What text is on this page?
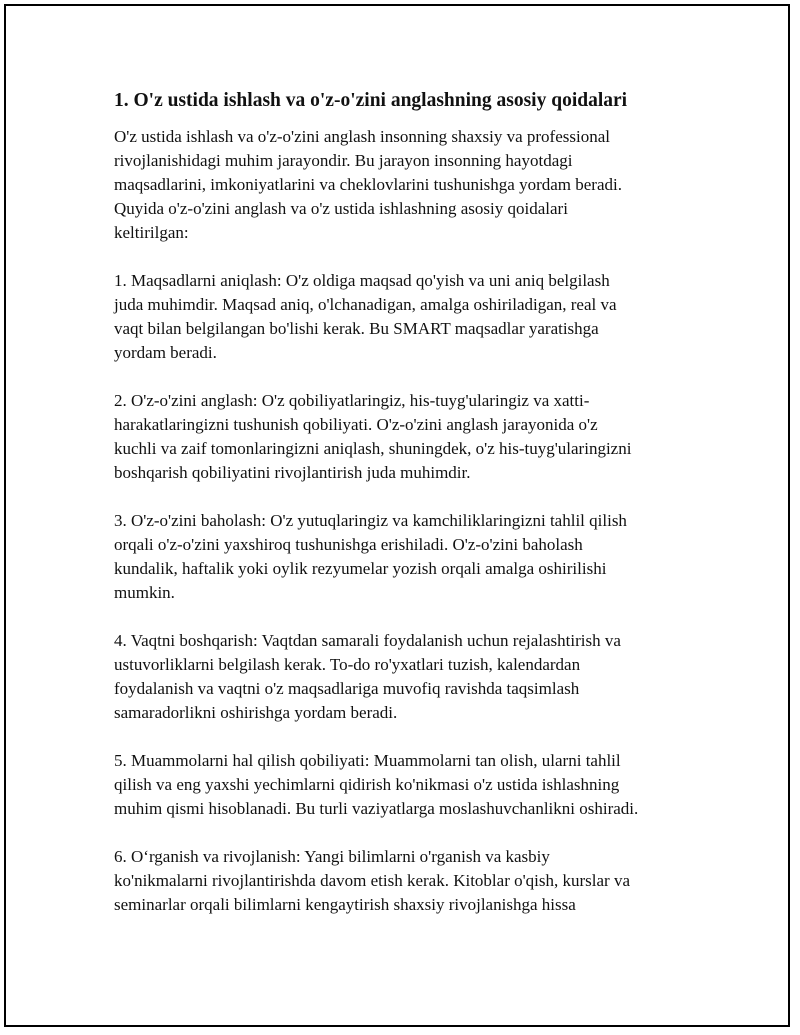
1. O'z ustida ishlash va o'z-o'zini anglashning asosiy qoidalari

O'z ustida ishlash va o'z-o'zini anglash insonning shaxsiy va professional
rivojlanishidagi muhim jarayondir. Bu jarayon insonning hayotdagi
maqsadlarini, imkoniyatlarini va cheklovlarini tushunishga yordam beradi.
Quyida o'z-o'zini anglash va o'z ustida ishlashning asosiy qoidalari
keltirilgan:

1. Maqsadlarni aniqlash: O'z oldiga maqsad qo'yish va uni aniq belgilash
juda muhimdir. Maqsad aniq, o'lchanadigan, amalga oshiriladigan, real va
vaqt bilan belgilangan bo'lishi kerak. Bu SMART maqsadlar yaratishga
yordam beradi.

2. O'z-o'zini anglash: O'z qobiliyatlaringiz, his-tuyg'ularingiz va xatti-
harakatlaringizni tushunish qobiliyati. O'z-o'zini anglash jarayonida o'z
kuchli va zaif tomonlaringizni aniqlash, shuningdek, o'z his-tuyg'ularingizni
boshqarish qobiliyatini rivojlantirish juda muhimdir.

3. O'z-o'zini baholash: O'z yutuqlaringiz va kamchiliklaringizni tahlil qilish
orqali o'z-o'zini yaxshiroq tushunishga erishiladi. O'z-o'zini baholash
kundalik, haftalik yoki oylik rezyumelar yozish orqali amalga oshirilishi
mumkin.

4. Vaqtni boshqarish: Vaqtdan samarali foydalanish uchun rejalashtirish va
ustuvorliklarni belgilash kerak. To-do ro'yxatlari tuzish, kalendardan
foydalanish va vaqtni o'z maqsadlariga muvofiq ravishda taqsimlash
samaradorlikni oshirishga yordam beradi.

5. Muammolarni hal qilish qobiliyati: Muammolarni tan olish, ularni tahlil
qilish va eng yaxshi yechimlarni qidirish ko'nikmasi o'z ustida ishlashning
muhim qismi hisoblanadi. Bu turli vaziyatlarga moslashuvchanlikni oshiradi.

6. O‘rganish va rivojlanish: Yangi bilimlarni o'rganish va kasbiy
ko'nikmalarni rivojlantirishda davom etish kerak. Kitoblar o'qish, kurslar va
seminarlar orqali bilimlarni kengaytirish shaxsiy rivojlanishga hissa
